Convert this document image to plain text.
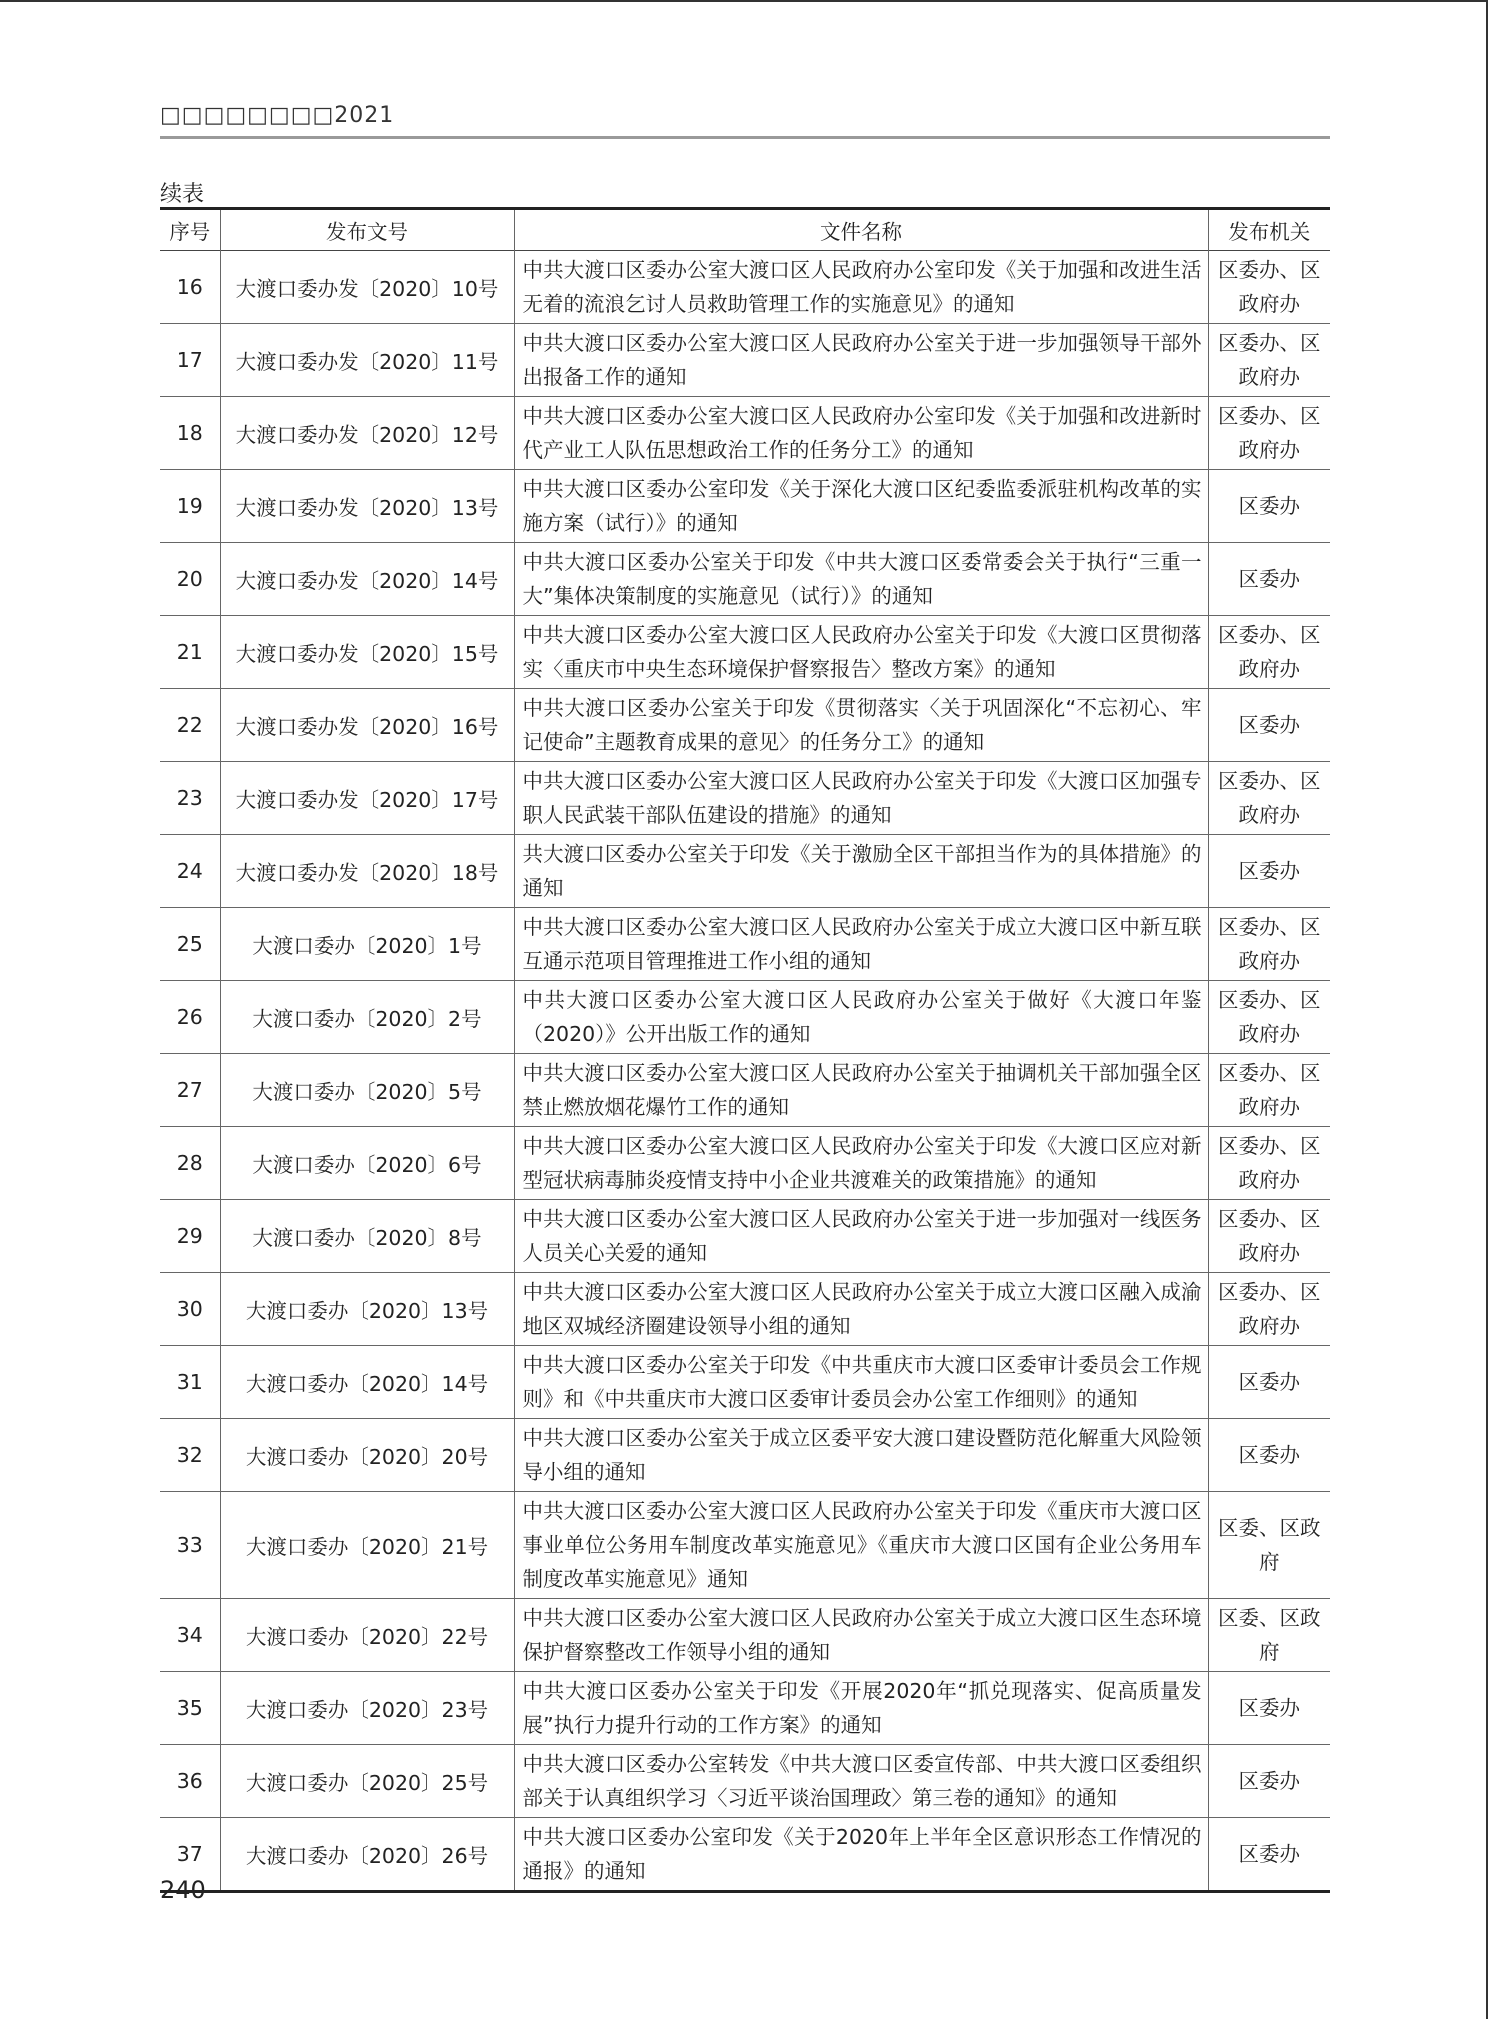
□□□□□□□□2021
续表
序号	发布文号	文件名称	发布机关
16	大渡口委办发〔2020〕10号	中共大渡口区委办公室大渡口区人民政府办公室印发《关于加强和改进生活无着的流浪乞讨人员救助管理工作的实施意见》的通知	区委办、区政府办
17	大渡口委办发〔2020〕11号	中共大渡口区委办公室大渡口区人民政府办公室关于进一步加强领导干部外出报备工作的通知	区委办、区政府办
18	大渡口委办发〔2020〕12号	中共大渡口区委办公室大渡口区人民政府办公室印发《关于加强和改进新时代产业工人队伍思想政治工作的任务分工》的通知	区委办、区政府办
19	大渡口委办发〔2020〕13号	中共大渡口区委办公室印发《关于深化大渡口区纪委监委派驻机构改革的实施方案（试行）》的通知	区委办
20	大渡口委办发〔2020〕14号	中共大渡口区委办公室关于印发《中共大渡口区委常委会关于执行“三重一大”集体决策制度的实施意见（试行）》的通知	区委办
21	大渡口委办发〔2020〕15号	中共大渡口区委办公室大渡口区人民政府办公室关于印发《大渡口区贯彻落实〈重庆市中央生态环境保护督察报告〉整改方案》的通知	区委办、区政府办
22	大渡口委办发〔2020〕16号	中共大渡口区委办公室关于印发《贯彻落实〈关于巩固深化“不忘初心、牢记使命”主题教育成果的意见〉的任务分工》的通知	区委办
23	大渡口委办发〔2020〕17号	中共大渡口区委办公室大渡口区人民政府办公室关于印发《大渡口区加强专职人民武装干部队伍建设的措施》的通知	区委办、区政府办
24	大渡口委办发〔2020〕18号	共大渡口区委办公室关于印发《关于激励全区干部担当作为的具体措施》的通知	区委办
25	大渡口委办〔2020〕1号	中共大渡口区委办公室大渡口区人民政府办公室关于成立大渡口区中新互联互通示范项目管理推进工作小组的通知	区委办、区政府办
26	大渡口委办〔2020〕2号	中共大渡口区委办公室大渡口区人民政府办公室关于做好《大渡口年鉴（2020）》公开出版工作的通知	区委办、区政府办
27	大渡口委办〔2020〕5号	中共大渡口区委办公室大渡口区人民政府办公室关于抽调机关干部加强全区禁止燃放烟花爆竹工作的通知	区委办、区政府办
28	大渡口委办〔2020〕6号	中共大渡口区委办公室大渡口区人民政府办公室关于印发《大渡口区应对新型冠状病毒肺炎疫情支持中小企业共渡难关的政策措施》的通知	区委办、区政府办
29	大渡口委办〔2020〕8号	中共大渡口区委办公室大渡口区人民政府办公室关于进一步加强对一线医务人员关心关爱的通知	区委办、区政府办
30	大渡口委办〔2020〕13号	中共大渡口区委办公室大渡口区人民政府办公室关于成立大渡口区融入成渝地区双城经济圈建设领导小组的通知	区委办、区政府办
31	大渡口委办〔2020〕14号	中共大渡口区委办公室关于印发《中共重庆市大渡口区委审计委员会工作规则》和《中共重庆市大渡口区委审计委员会办公室工作细则》的通知	区委办
32	大渡口委办〔2020〕20号	中共大渡口区委办公室关于成立区委平安大渡口建设暨防范化解重大风险领导小组的通知	区委办
33	大渡口委办〔2020〕21号	中共大渡口区委办公室大渡口区人民政府办公室关于印发《重庆市大渡口区事业单位公务用车制度改革实施意见》《重庆市大渡口区国有企业公务用车制度改革实施意见》通知	区委、区政府
34	大渡口委办〔2020〕22号	中共大渡口区委办公室大渡口区人民政府办公室关于成立大渡口区生态环境保护督察整改工作领导小组的通知	区委、区政府
35	大渡口委办〔2020〕23号	中共大渡口区委办公室关于印发《开展2020年“抓兑现落实、促高质量发展”执行力提升行动的工作方案》的通知	区委办
36	大渡口委办〔2020〕25号	中共大渡口区委办公室转发《中共大渡口区委宣传部、中共大渡口区委组织部关于认真组织学习〈习近平谈治国理政〉第三卷的通知》的通知	区委办
37	大渡口委办〔2020〕26号	中共大渡口区委办公室印发《关于2020年上半年全区意识形态工作情况的通报》的通知	区委办
240
